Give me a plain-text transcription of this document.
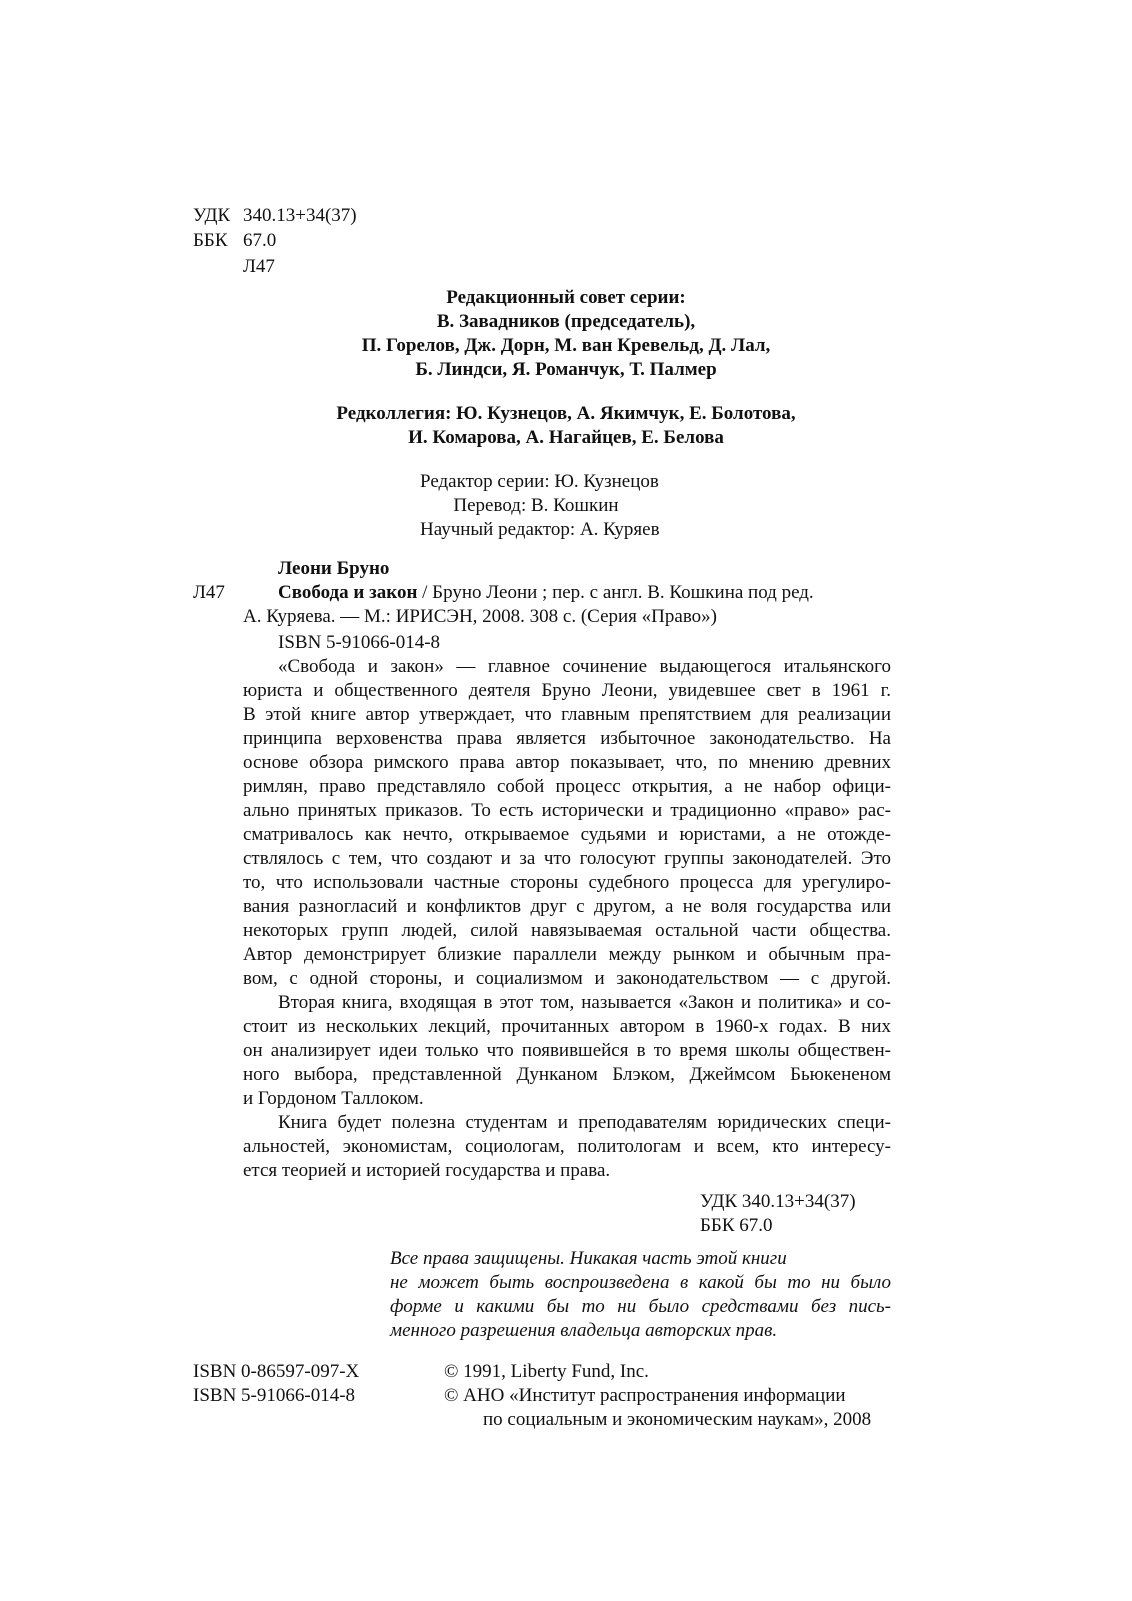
УДК 340.13+34(37)
ББК 67.0
Л47
Редакционный совет серии:
В. Завадников (председатель),
П. Горелов, Дж. Дорн, М. ван Кревельд, Д. Лал,
Б. Линдси, Я. Романчук, Т. Палмер
Редколлегия: Ю. Кузнецов, А. Якимчук, Е. Болотова,
И. Комарова, А. Нагайцев, Е. Белова
Редактор серии: Ю. Кузнецов
Перевод: В. Кошкин
Научный редактор: А. Куряев
Леони Бруно
Л47	Свобода и закон / Бруно Леони ; пер. с англ. В. Кошкина под ред.
А. Куряева. — М.: ИРИСЭН, 2008. 308 с. (Серия «Право»)
ISBN 5-91066-014-8
«Свобода и закон» — главное сочинение выдающегося итальянского
юриста и общественного деятеля Бруно Леони, увидевшее свет в 1961 г.
В этой книге автор утверждает, что главным препятствием для реализации
принципа верховенства права является избыточное законодательство. На
основе обзора римского права автор показывает, что, по мнению древних
римлян, право представляло собой процесс открытия, а не набор офици-
ально принятых приказов. То есть исторически и традиционно «право» рас-
сматривалось как нечто, открываемое судьями и юристами, а не отожде-
ствлялось с тем, что создают и за что голосуют группы законодателей. Это
то, что использовали частные стороны судебного процесса для урегулиро-
вания разногласий и конфликтов друг с другом, а не воля государства или
некоторых групп людей, силой навязываемая остальной части общества.
Автор демонстрирует близкие параллели между рынком и обычным пра-
вом, с одной стороны, и социализмом и законодательством — с другой.
Вторая книга, входящая в этот том, называется «Закон и политика» и со-
стоит из нескольких лекций, прочитанных автором в 1960-х годах. В них
он анализирует идеи только что появившейся в то время школы обществен-
ного выбора, представленной Дунканом Блэком, Джеймсом Бьюкененом
и Гордоном Таллоком.
Книга будет полезна студентам и преподавателям юридических специ-
альностей, экономистам, социологам, политологам и всем, кто интересу-
ется теорией и историей государства и права.
УДК 340.13+34(37)
ББК 67.0
Все права защищены. Никакая часть этой книги
не может быть воспроизведена в какой бы то ни было
форме и какими бы то ни было средствами без пись-
менного разрешения владельца авторских прав.
ISBN 0-86597-097-X	© 1991, Liberty Fund, Inc.
ISBN 5-91066-014-8	© АНО «Институт распространения информации
по социальным и экономическим наукам», 2008
